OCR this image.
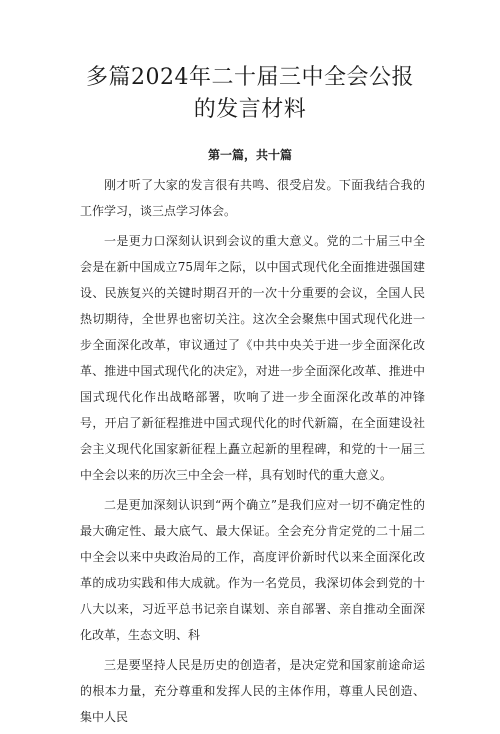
多篇2024年二十届三中全会公报的发言材料
第一篇，共十篇

刚才听了大家的发言很有共鸣、很受启发。下面我结合我的工作学习，谈三点学习体会。

一是更力口深刻认识到会议的重大意义。党的二十届三中全会是在新中国成立75周年之际，以中国式现代化全面推进强国建设、民族复兴的关键时期召开的一次十分重要的会议，全国人民热切期待，全世界也密切关注。这次全会聚焦中国式现代化进一步全面深化改革，审议通过了《中共中央关于进一步全面深化改革、推进中国式现代化的决定》，对进一步全面深化改革、推进中国式现代化作出战略部署，吹响了进一步全面深化改革的冲锋号，开启了新征程推进中国式现代化的时代新篇，在全面建设社会主义现代化国家新征程上矗立起新的里程碑，和党的十一届三中全会以来的历次三中全会一样，具有划时代的重大意义。

二是更加深刻认识到“两个确立”是我们应对一切不确定性的最大确定性、最大底气、最大保证。全会充分肯定党的二十届二中全会以来中央政治局的工作，高度评价新时代以来全面深化改革的成功实践和伟大成就。作为一名党员，我深切体会到党的十八大以来，习近平总书记亲自谋划、亲自部署、亲自推动全面深化改革，生态文明、科

三是要坚持人民是历史的创造者，是决定党和国家前途命运的根本力量，充分尊重和发挥人民的主体作用，尊重人民创造、集中人民
